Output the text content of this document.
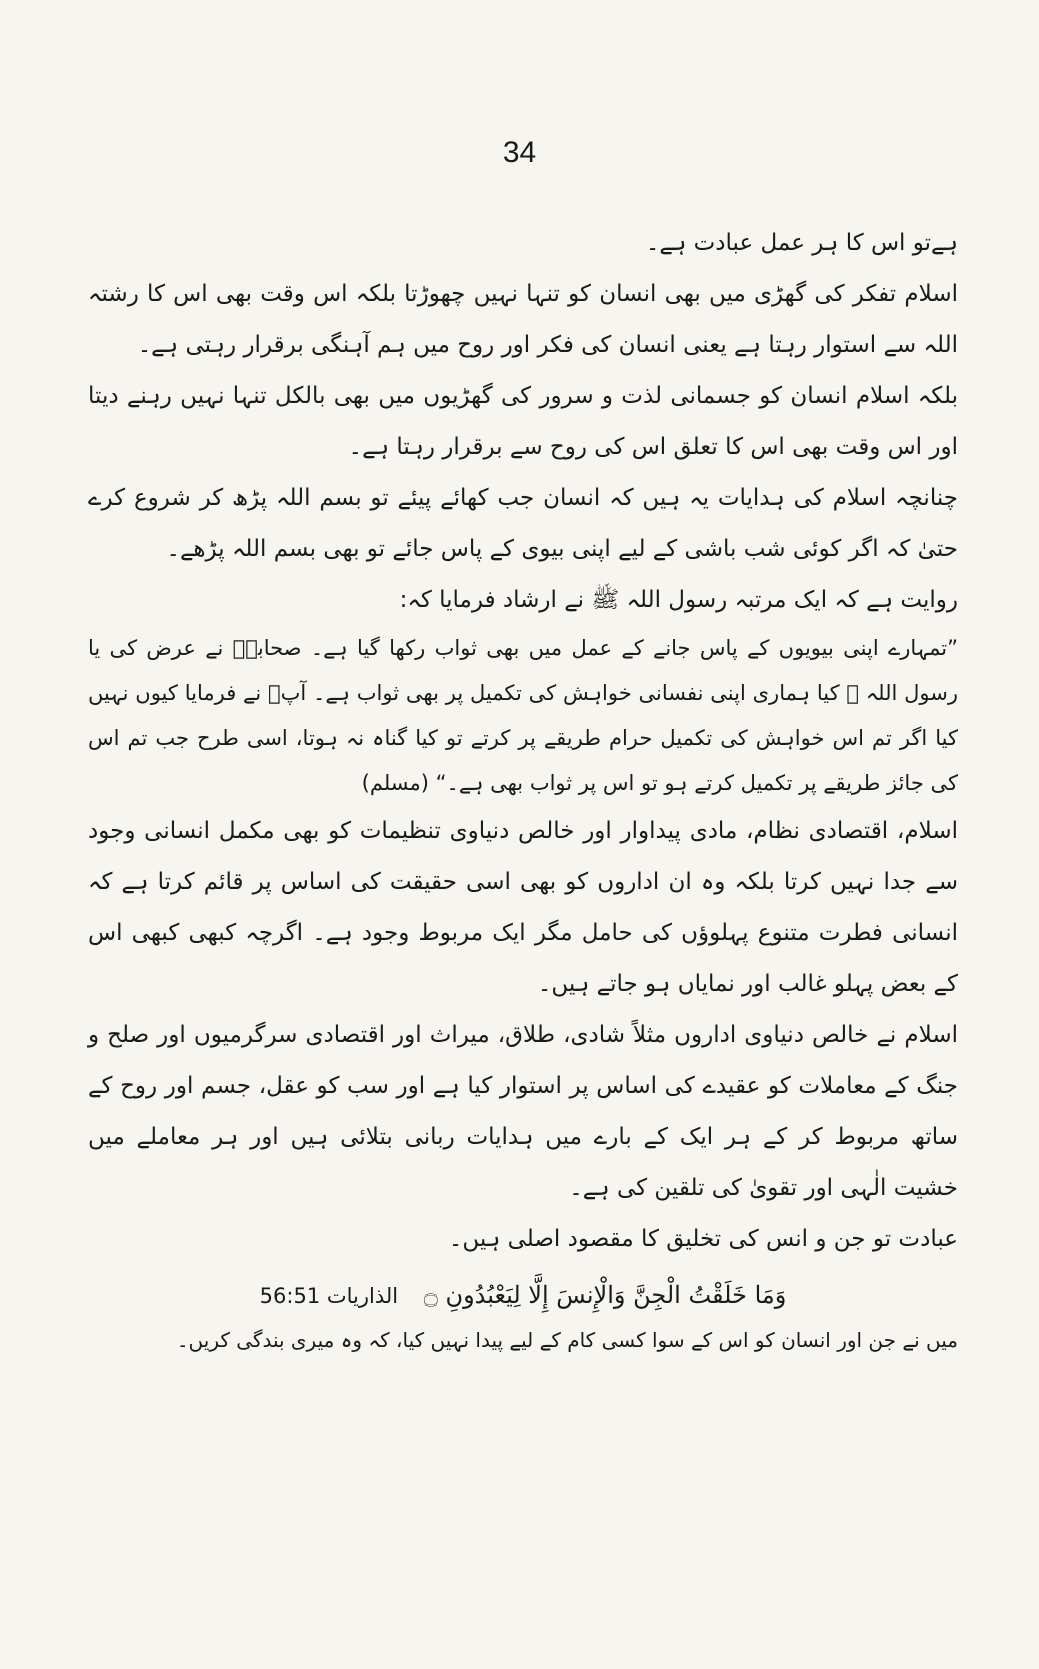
34

ہےتو اس کا ہر عمل عبادت ہے۔

اسلام تفکر کی گھڑی میں بھی انسان کو تنہا نہیں چھوڑتا بلکہ اس وقت بھی اس کا رشتہ اللہ سے استوار رہتا ہے یعنی انسان کی فکر اور روح میں ہم آہنگی برقرار رہتی ہے۔

بلکہ اسلام انسان کو جسمانی لذت و سرور کی گھڑیوں میں بھی بالکل تنہا نہیں رہنے دیتا اور اس وقت بھی اس کا تعلق اس کی روح سے برقرار رہتا ہے۔

چنانچہ اسلام کی ہدایات یہ ہیں کہ انسان جب کھائے پیئے تو بسم اللہ پڑھ کر شروع کرے حتیٰ کہ اگر کوئی شب باشی کے لیے اپنی بیوی کے پاس جائے تو بھی بسم اللہ پڑھے۔

روایت ہے کہ ایک مرتبہ رسول اللہ ﷺ نے ارشاد فرمایا کہ:

”تمہارے اپنی بیویوں کے پاس جانے کے عمل میں بھی ثواب رکھا گیا ہے۔ صحابہؓ نے عرض کی یا رسول اللہ ﷺ کیا ہماری اپنی نفسانی خواہش کی تکمیل پر بھی ثواب ہے۔ آپؐ نے فرمایا کیوں نہیں کیا اگر تم اس خواہش کی تکمیل حرام طریقے پر کرتے تو کیا گناہ نہ ہوتا، اسی طرح جب تم اس کی جائز طریقے پر تکمیل کرتے ہو تو اس پر ثواب بھی ہے۔“ (مسلم)

اسلام، اقتصادی نظام، مادی پیداوار اور خالص دنیاوی تنظیمات کو بھی مکمل انسانی وجود سے جدا نہیں کرتا بلکہ وہ ان اداروں کو بھی اسی حقیقت کی اساس پر قائم کرتا ہے کہ انسانی فطرت متنوع پہلوؤں کی حامل مگر ایک مربوط وجود ہے۔ اگرچہ کبھی کبھی اس کے بعض پہلو غالب اور نمایاں ہو جاتے ہیں۔

اسلام نے خالص دنیاوی اداروں مثلاً شادی، طلاق، میراث اور اقتصادی سرگرمیوں اور صلح و جنگ کے معاملات کو عقیدے کی اساس پر استوار کیا ہے اور سب کو عقل، جسم اور روح کے ساتھ مربوط کر کے ہر ایک کے بارے میں ہدایات ربانی بتلائی ہیں اور ہر معاملے میں خشیت الٰہی اور تقویٰ کی تلقین کی ہے۔

عبادت تو جن و انس کی تخلیق کا مقصود اصلی ہیں۔

وَمَا خَلَقْتُ الْجِنَّ وَالْإِنسَ إِلَّا لِيَعْبُدُونِ ۝ الذاریات 56:51

میں نے جن اور انسان کو اس کے سوا کسی کام کے لیے پیدا نہیں کیا، کہ وہ میری بندگی کریں۔
